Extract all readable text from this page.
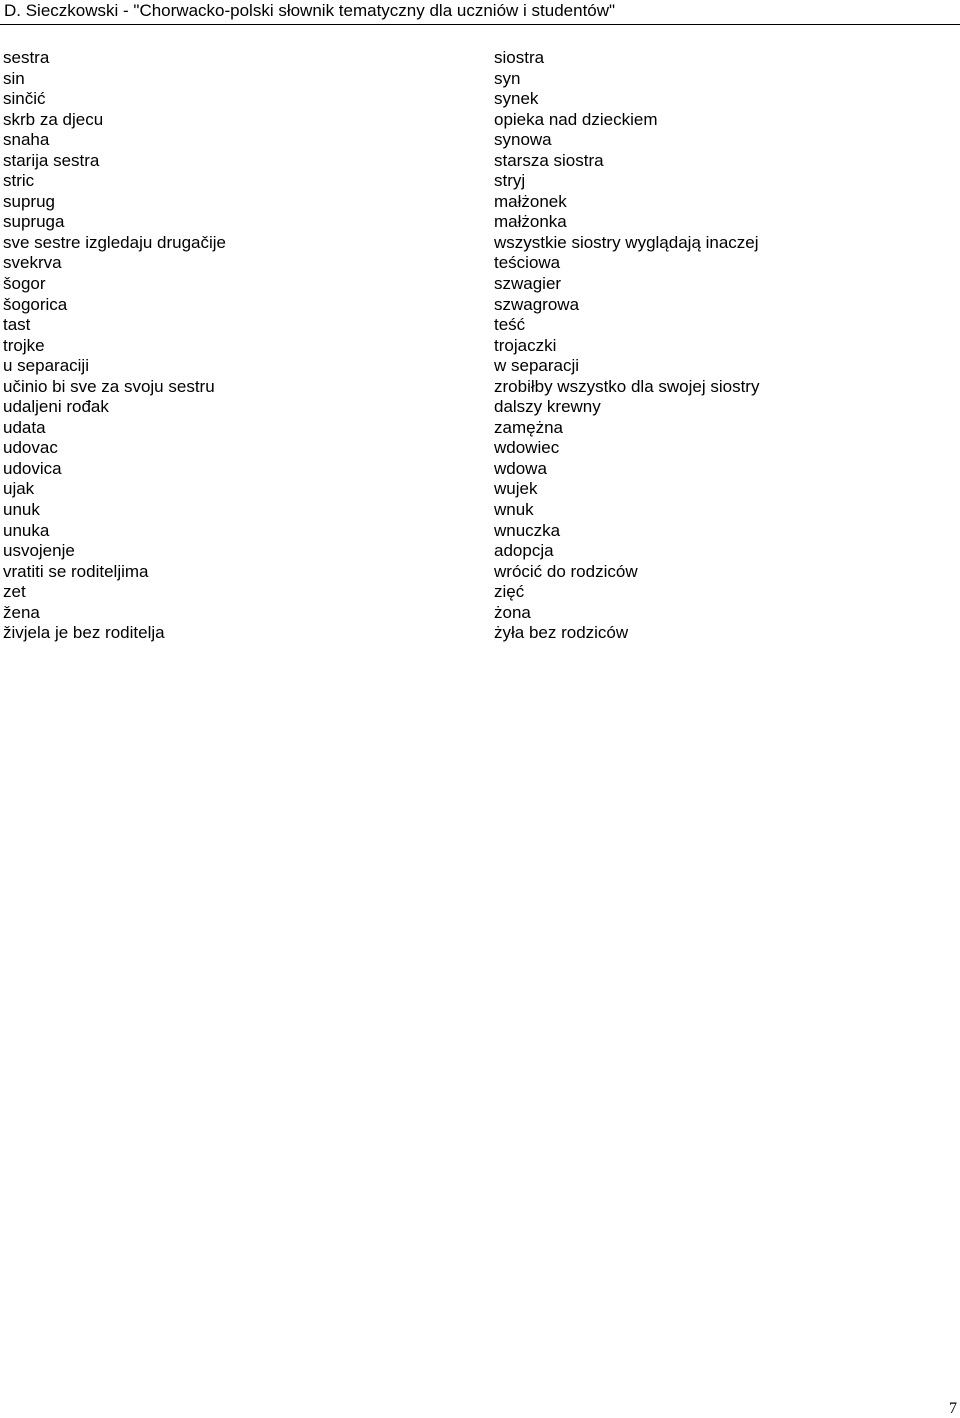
D. Sieczkowski - "Chorwacko-polski słownik tematyczny dla uczniów i studentów"
sestra
sin
sinčić
skrb za djecu
snaha
starija sestra
stric
suprug
supruga
sve sestre izgledaju drugačije
svekrva
šogor
šogorica
tast
trojke
u separaciji
učinio bi sve za svoju sestru
udaljeni rođak
udata
udovac
udovica
ujak
unuk
unuka
usvojenje
vratiti se roditeljima
zet
žena
živjela je bez roditelja
siostra
syn
synek
opieka nad dzieckiem
synowa
starsza siostra
stryj
małżonek
małżonka
wszystkie siostry wyglądają inaczej
teściowa
szwagier
szwagrowa
teść
trojaczki
w separacji
zrobiłby wszystko dla swojej siostry
dalszy krewny
zamężna
wdowiec
wdowa
wujek
wnuk
wnuczka
adopcja
wrócić do rodziców
zięć
żona
żyła bez rodziców
7
